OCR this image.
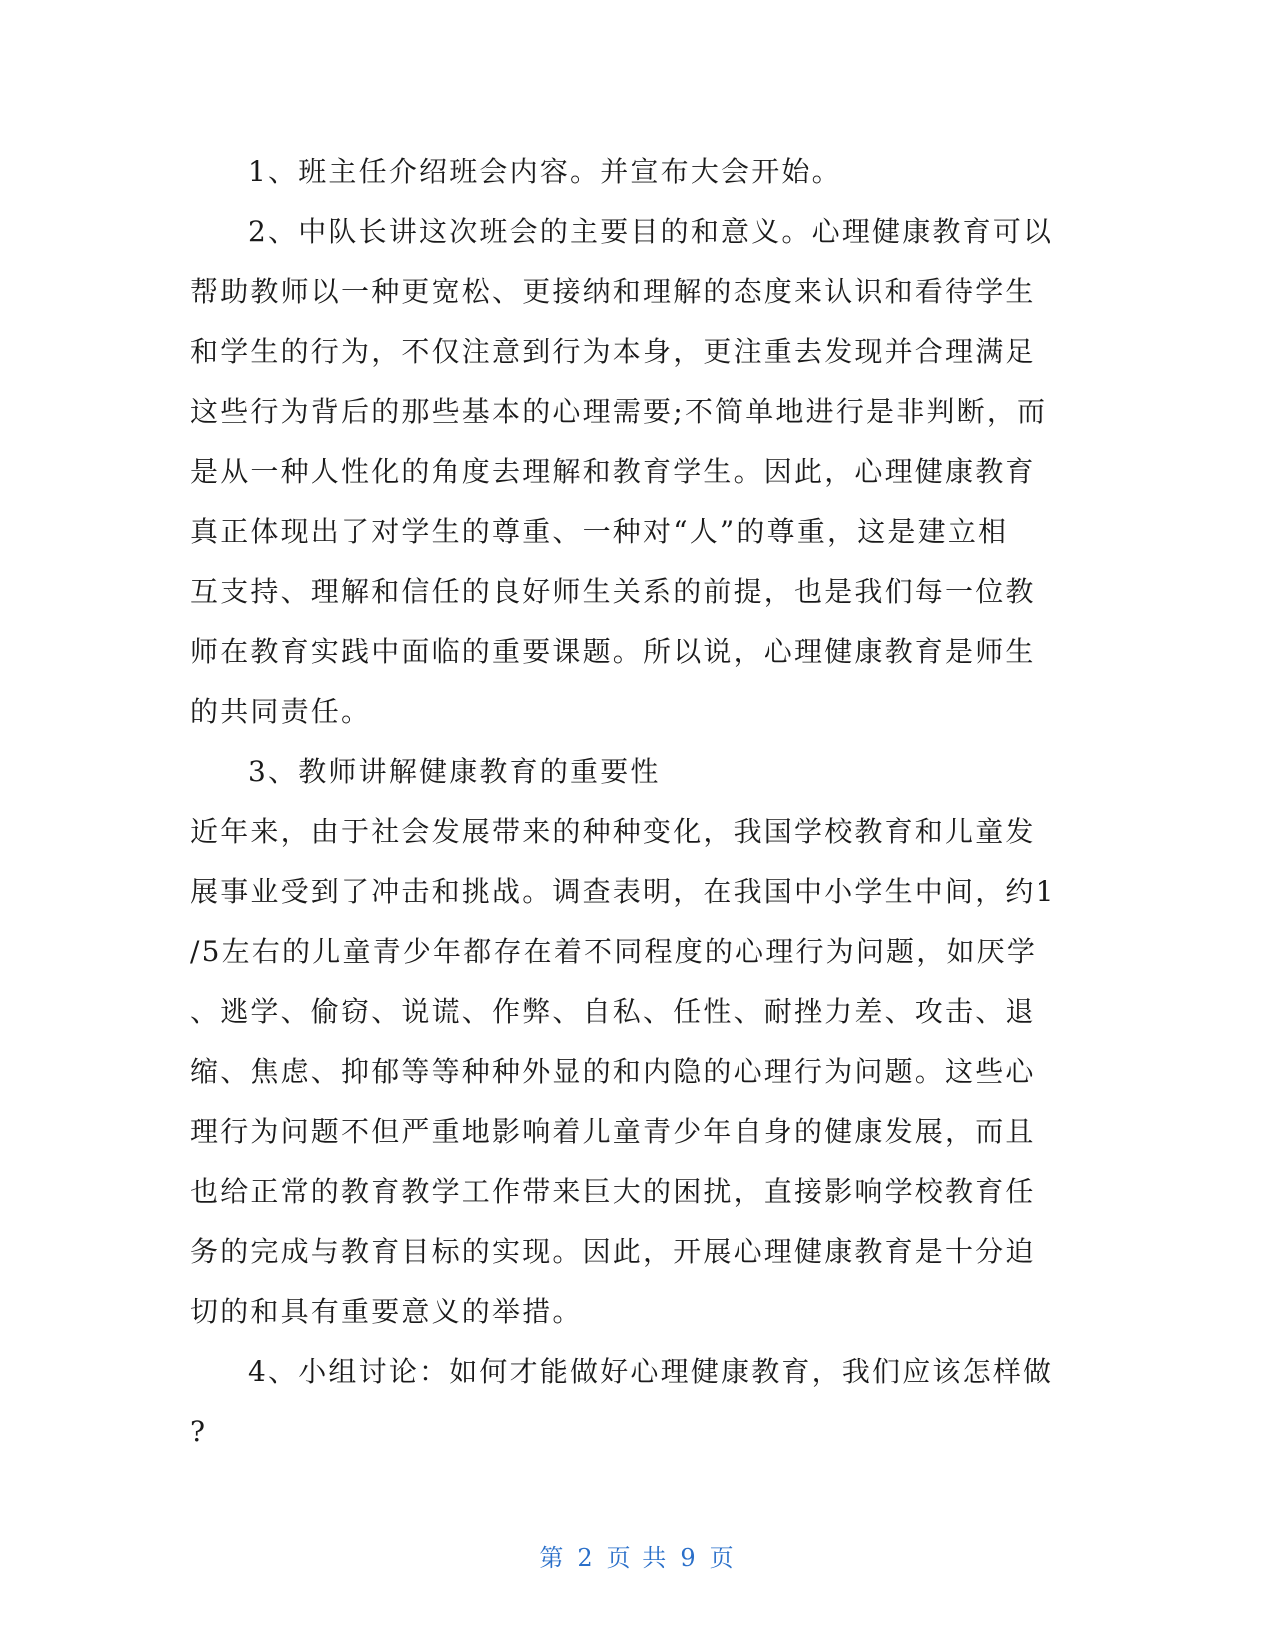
1、班主任介绍班会内容。并宣布大会开始。
2、中队长讲这次班会的主要目的和意义。心理健康教育可以
帮助教师以一种更宽松、更接纳和理解的态度来认识和看待学生
和学生的行为，不仅注意到行为本身，更注重去发现并合理满足
这些行为背后的那些基本的心理需要;不简单地进行是非判断，而
是从一种人性化的角度去理解和教育学生。因此，心理健康教育
真正体现出了对学生的尊重、一种对“人”的尊重，这是建立相
互支持、理解和信任的良好师生关系的前提，也是我们每一位教
师在教育实践中面临的重要课题。所以说，心理健康教育是师生
的共同责任。
3、教师讲解健康教育的重要性
近年来，由于社会发展带来的种种变化，我国学校教育和儿童发
展事业受到了冲击和挑战。调查表明，在我国中小学生中间，约1
/5左右的儿童青少年都存在着不同程度的心理行为问题，如厌学
、逃学、偷窃、说谎、作弊、自私、任性、耐挫力差、攻击、退
缩、焦虑、抑郁等等种种外显的和内隐的心理行为问题。这些心
理行为问题不但严重地影响着儿童青少年自身的健康发展，而且
也给正常的教育教学工作带来巨大的困扰，直接影响学校教育任
务的完成与教育目标的实现。因此，开展心理健康教育是十分迫
切的和具有重要意义的举措。
4、小组讨论：如何才能做好心理健康教育，我们应该怎样做
?
第 2 页 共 9 页
